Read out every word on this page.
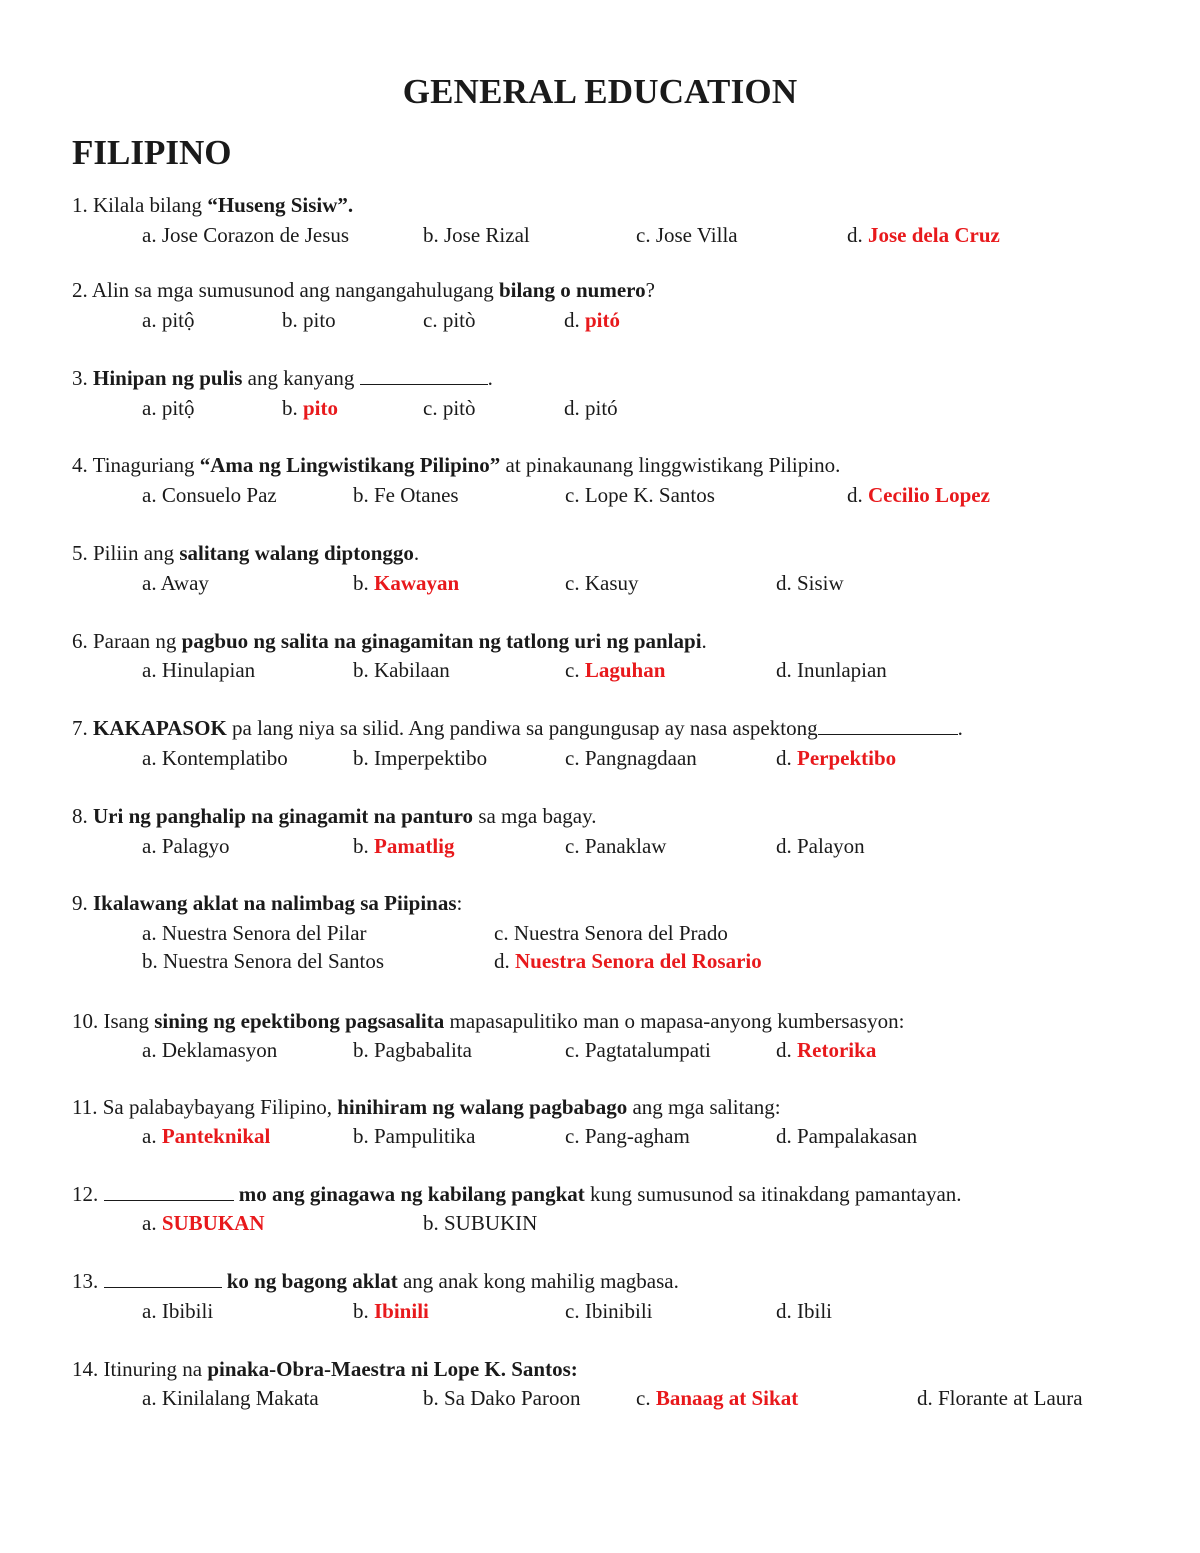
GENERAL EDUCATION
FILIPINO
1. Kilala bilang “Huseng Sisiw”.
a. Jose Corazon de Jesus	b. Jose Rizal	c. Jose Villa	d. Jose dela Cruz
2. Alin sa mga sumusunod ang nangangahulugang bilang o numero?
a. pitộ	b. pito	c. pitò	d. pitó
3. Hinipan ng pulis ang kanyang	.
a. pitộ	b. pito	c. pitò	d. pitó
4. Tinaguriang “Ama ng Lingwistikang Pilipino” at pinakaunang linggwistikang Pilipino.
a. Consuelo Paz	b. Fe Otanes	c. Lope K. Santos	d. Cecilio Lopez
5. Piliin ang salitang walang diptonggo.
a. Away	b. Kawayan	c. Kasuy	d. Sisiw
6. Paraan ng pagbuo ng salita na ginagamitan ng tatlong uri ng panlapi.
a. Hinulapian	b. Kabilaan	c. Laguhan	d. Inunlapian
7. KAKAPASOK pa lang niya sa silid. Ang pandiwa sa pangungusap ay nasa aspektong	.
a. Kontemplatibo	b. Imperpektibo	c. Pangnagdaan	d. Perpektibo
8. Uri ng panghalip na ginagamit na panturo sa mga bagay.
a. Palagyo	b. Pamatlig	c. Panaklaw	d. Palayon
9. Ikalawang aklat na nalimbag sa Piipinas:
a. Nuestra Senora del Pilar	c. Nuestra Senora del Prado
b. Nuestra Senora del Santos	d. Nuestra Senora del Rosario
10. Isang sining ng epektibong pagsasalita mapasapulitiko man o mapasa-anyong kumbersasyon:
a. Deklamasyon	b. Pagbabalita	c. Pagtatalumpati	d. Retorika
11. Sa palabaybayang Filipino, hinihiram ng walang pagbabago ang mga salitang:
a. Panteknikal	b. Pampulitika	c. Pang-agham	d. Pampalakasan
12.	mo ang ginagawa ng kabilang pangkat kung sumusunod sa itinakdang pamantayan.
a. SUBUKAN	b. SUBUKIN
13.	ko ng bagong aklat ang anak kong mahilig magbasa.
a. Ibibili	b. Ibinili	c. Ibinibili	d. Ibili
14. Itinuring na pinaka-Obra-Maestra ni Lope K. Santos:
a. Kinilalang Makata	b. Sa Dako Paroon	c. Banaag at Sikat	d. Florante at Laura
